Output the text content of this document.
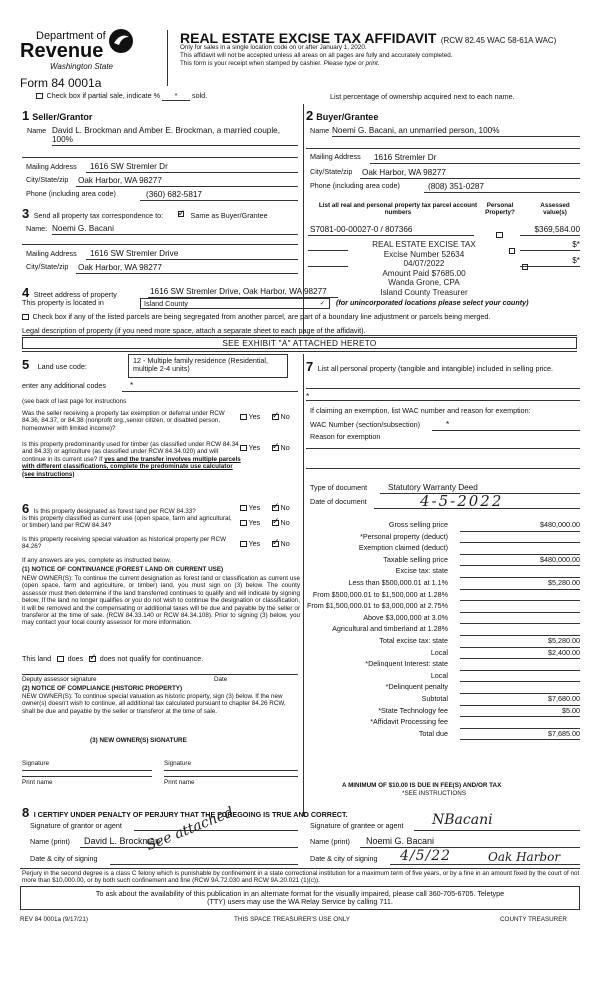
Department of
Revenue
Washington State
Form 84 0001a
REAL ESTATE EXCISE TAX AFFIDAVIT (RCW 82.45 WAC 58-61A WAC)
Only for sales in a single location code on or after January 1, 2020.
This affidavit will not be accepted unless all areas on all pages are fully and accurately completed.
This form is your receipt when stamped by cashier. Please type or print.
Check box if partial sale, indicate % * sold.	List percentage of ownership acquired next to each name.
1 Seller/Grantor
Name David L. Brockman and Amber E. Brockman, a married couple,
100%
Mailing Address 1616 SW Stremler Dr
City/State/zip Oak Harbor, WA 98277
Phone (including area code)	(360) 682-5817
2 Buyer/Grantee
Name Noemi G. Bacani, an unmarried person, 100%
Mailing Address 1616 Stremler Dr
City/State/zip Oak Harbor, WA 98277
Phone (including area code)	(808) 351-0287
3 Send all property tax correspondence to: ✓	Same as Buyer/Grantee
Name: Noemi G. Bacani
Mailing Address 1616 SW Stremler Drive
City/State/zip Oak Harbor, WA 98277
List all real and personal property tax parcel account numbers
Personal Property?
Assessed value(s)
S7081-00-00027-0 / 807366
	$369,584.00

$*
$*
REAL ESTATE EXCISE TAX
Excise Number 52634
04/07/2022
Amount Paid $7685.00
Wanda Grone, CPA
Island County Treasurer
4 Street address of property	1616 SW Stremler Drive, Oak Harbor, WA 98277
This property is located in	Island County	✓ (for unincorporated locations please select your county)
Check box if any of the listed parcels are being segregated from another parcel, are part of a boundary line adjustment or parcels being merged.
Legal description of property (if you need more space, attach a separate sheet to each page of the affidavit).
SEE EXHIBIT "A" ATTACHED HERETO
5 Land use code:
12 - Multiple family residence (Residential, multiple 2-4 units)
enter any additional codes	*
(see back of last page for instructions
Was the seller receiving a property tax exemption or deferral under RCW 84.36, 84.37, or 84.38 (nonprofit org.,senior citizen, or disabled person, homeowner with limited income)?
Yes ✓	No
Is this property predominantly used for timber (as classified under RCW 84.34 and 84.33) or agriculture (as classified under RCW 84.34.020) and will continue in its current use? If yes and the transfer involves multiple parcels with different classifications, complete the predominate use calculator (see instructions)
Yes ✓	No
6 Is this property designated as forest land per RCW 84.33?	Yes ✓	No
Is this property classified as current use (open space, farm and agricultural, or timber) land per RCW 84.34?	Yes ✓	No
Is this property receiving special valuation as historical property per RCW 84.26?	Yes ✓	No
If any answers are yes, complete as instructed below.
(1) NOTICE OF CONTINUANCE (FOREST LAND OR CURRENT USE)
NEW OWNER(S): To continue the current designation as forest land or classification as current use (open space, farm and agriculture, or timber) land, you must sign on (3) below. The county assessor must then determine if the land transferred continues to qualify and will indicate by signing below. If the land no longer qualifies or you do not wish to continue the designation or classification, it will be removed and the compensating or additional taxes will be due and payable by the seller or transferor at the time of sale. (RCW 84.33.140 or RCW 84.34.108). Prior to signing (3) below, you may contact your local county assessor for more information.
This land does ✓ does not qualify for continuance.
Deputy assessor signature	Date
(2) NOTICE OF COMPLIANCE (HISTORIC PROPERTY)
NEW OWNER(S): To continue special valuation as historic property, sign (3) below. If the new owner(s) doesn't wish to continue, all additional tax calculated pursuant to chapter 84.26 RCW, shall be due and payable by the seller or transferor at the time of sale.
(3) NEW OWNER(S) SIGNATURE
Signature	Signature
Print name	Print name
7 List all personal property (tangible and intangible) included in selling price.
*
If claiming an exemption, list WAC number and reason for exemption:
WAC Number (section/subsection)	*
Reason for exemption
Type of document	Statutory Warranty Deed
Date of document	4-5-2022
Gross selling price	$480,000.00
*Personal property (deduct)
Exemption claimed (deduct)
Taxable selling price	$480,000.00
Excise tax: state
Less than $500,000.01 at 1.1%	$5,280.00
From $500,000.01 to $1,500,000 at 1.28%
From $1,500,000.01 to $3,000,000 at 2.75%
Above $3,000,000 at 3.0%
Agricultural and timberland at 1.28%
Total excise tax: state	$5,280.00
Local	$2,400.00
*Delinquent Interest: state
Local
*Delinquent penalty
Subtotal	$7,680.00
*State Technology fee	$5.00
*Affidavit Processing fee
Total due	$7,685.00
A MINIMUM OF $10.00 IS DUE IN FEE(S) AND/OR TAX
*SEE INSTRUCTIONS
8 I CERTIFY UNDER PENALTY OF PERJURY THAT THE FOREGOING IS TRUE AND CORRECT.
Signature of grantor or agent	Signature of grantee or agent NBacani
Name (print) David L. Brockman	Name (print) Noemi G. Bacani
Date & city of signing
See attached
Date & city of signing 4/5/22	Oak Harbor
Perjury in the second degree is a class C felony which is punishable by confinement in a state correctional institution for a maximum term of five years, or by a fine in an amount fixed by the court of not more than $10,000.00, or by both such confinement and fine (RCW 9A.72.030 and RCW 9A.20.021 (1)(c)).
To ask about the availability of this publication in an alternate format for the visually impaired, please call 360-705-6705. Teletype
(TTY) users may use the WA Relay Service by calling 711.
REV 84 0001a (9/17/21)	THIS SPACE TREASURER'S USE ONLY	COUNTY TREASURER
